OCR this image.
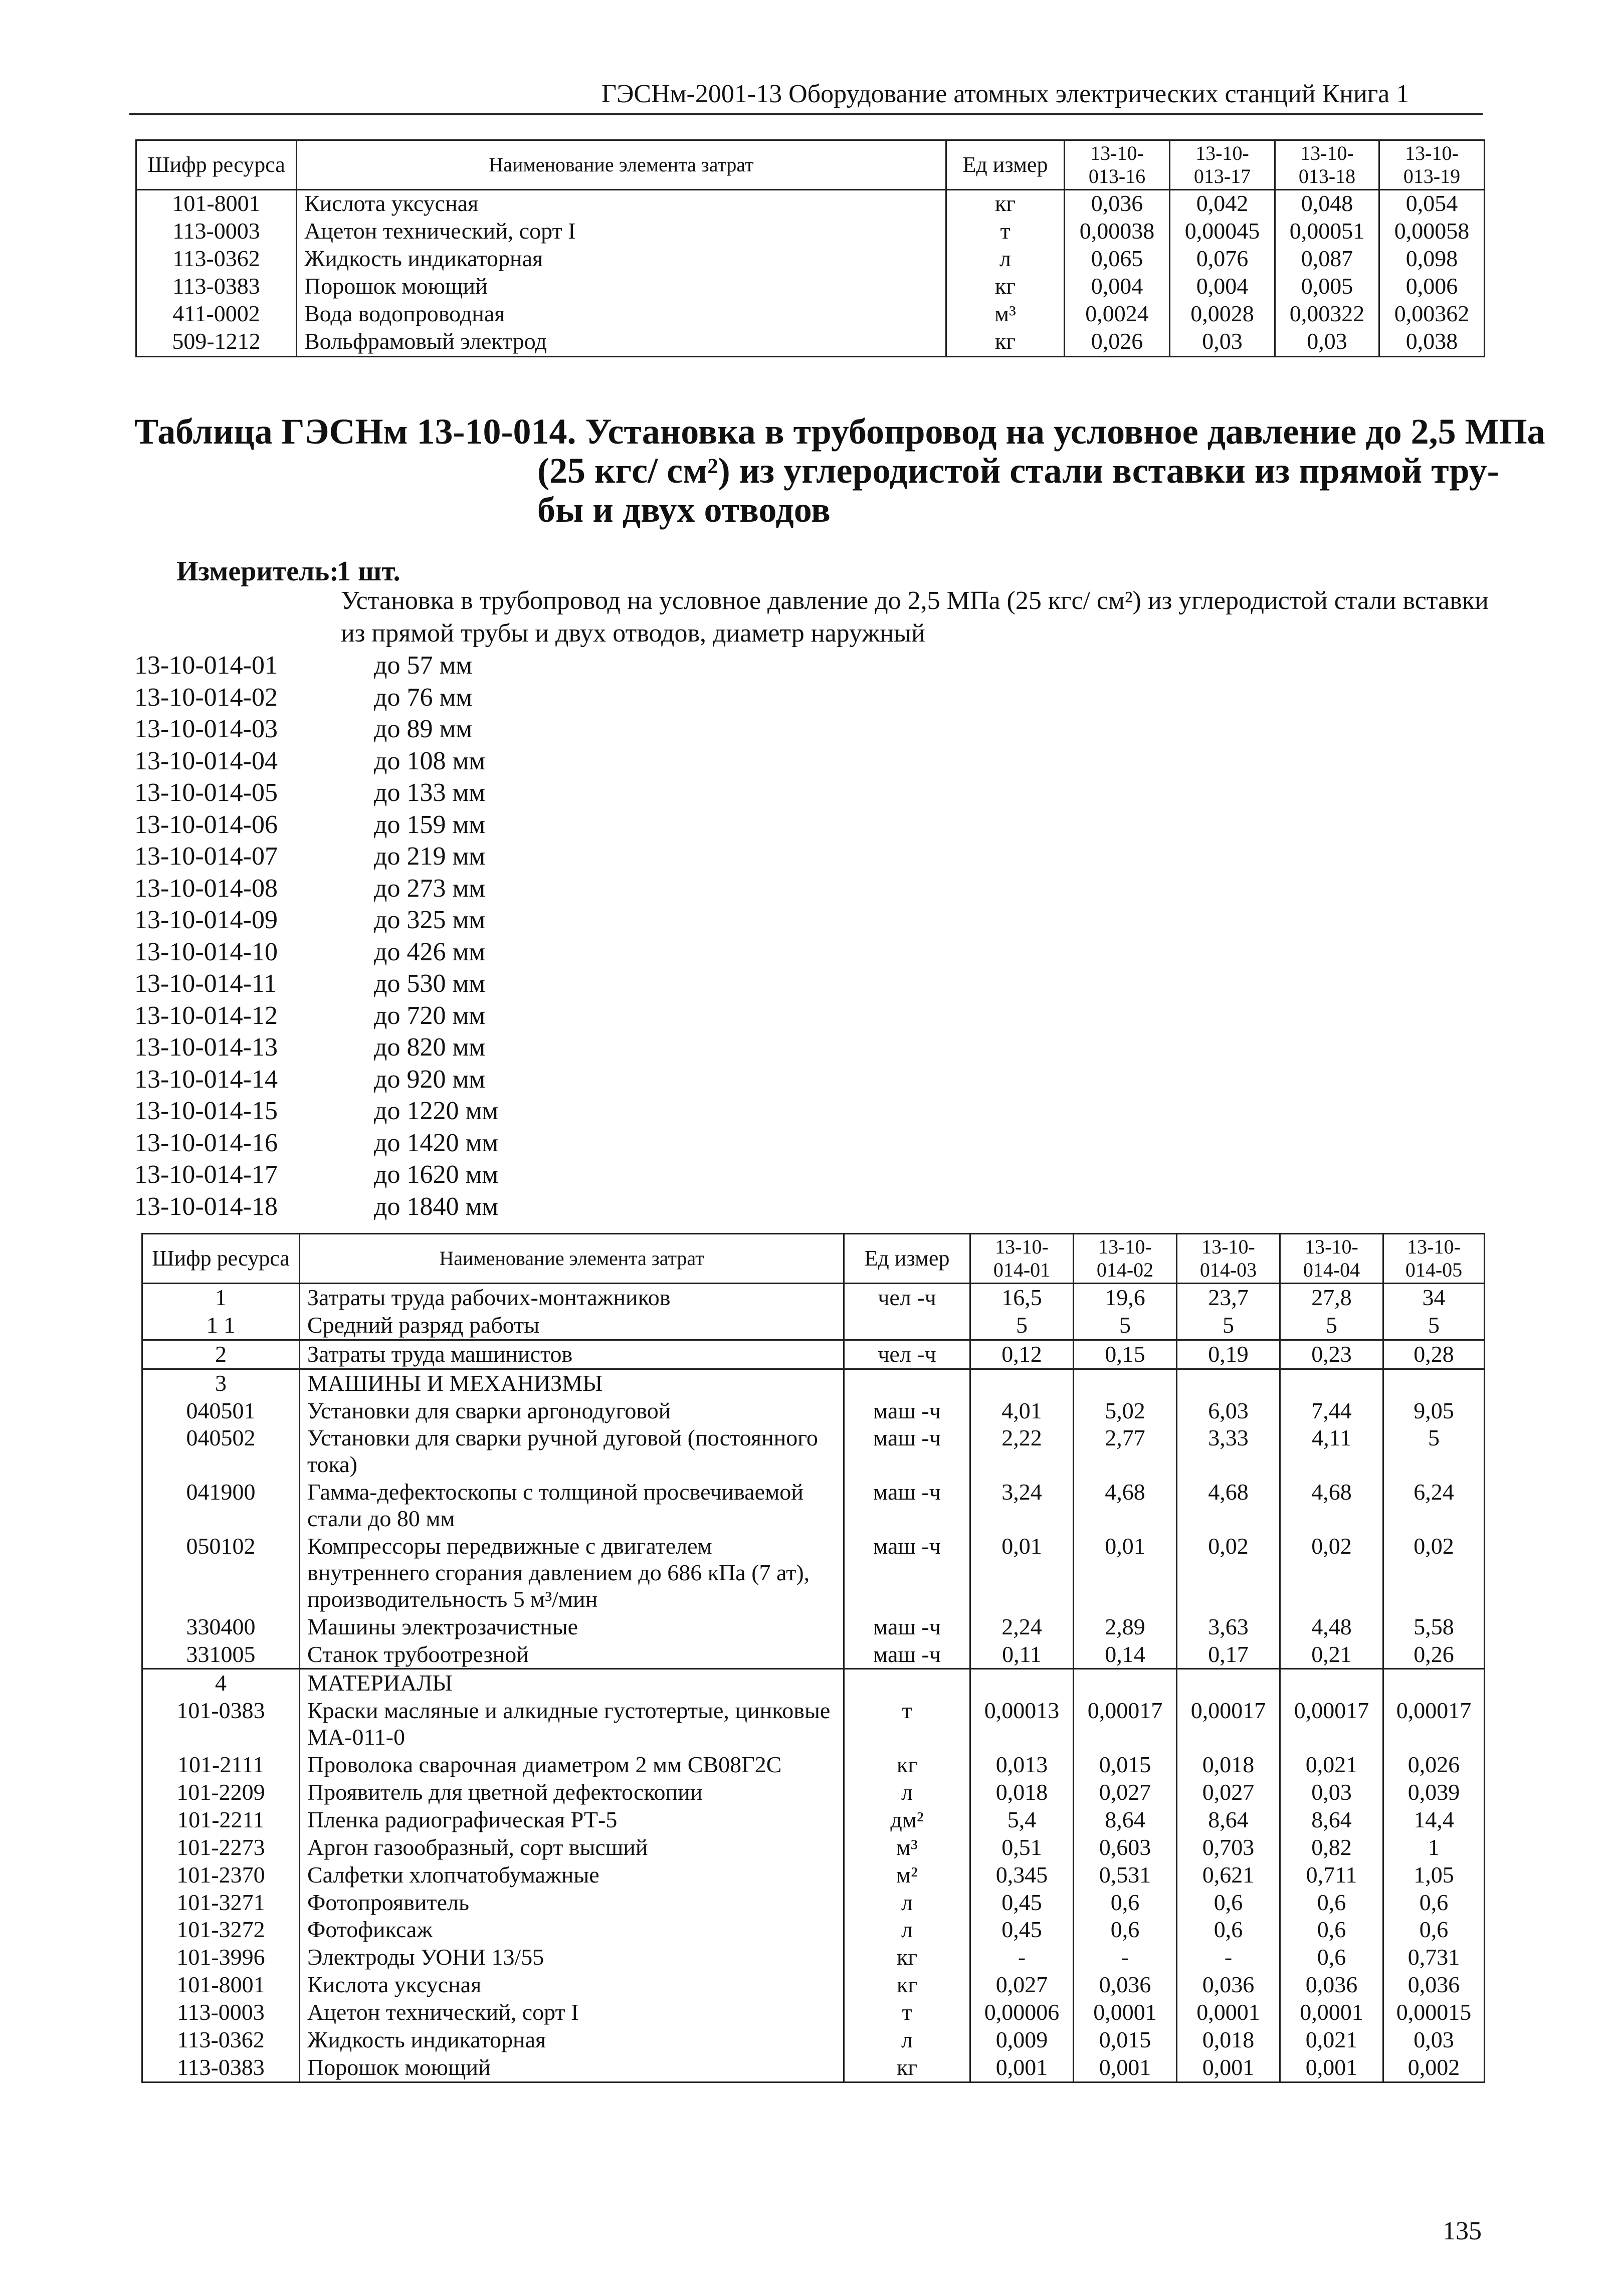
ГЭСНм-2001-13 Оборудование атомных электрических станций Книга 1
Шифр ресурса	Наименование элемента затрат	Ед измер	13-10-013-16	13-10-013-17	13-10-013-18	13-10-013-19
101-8001	Кислота уксусная	кг	0,036	0,042	0,048	0,054
113-0003	Ацетон технический, сорт I	т	0,00038	0,00045	0,00051	0,00058
113-0362	Жидкость индикаторная	л	0,065	0,076	0,087	0,098
113-0383	Порошок моющий	кг	0,004	0,004	0,005	0,006
411-0002	Вода водопроводная	м³	0,0024	0,0028	0,00322	0,00362
509-1212	Вольфрамовый электрод	кг	0,026	0,03	0,03	0,038
Таблица ГЭСНм 13-10-014. Установка в трубопровод на условное давление до 2,5 МПа
(25 кгс/ см²) из углеродистой стали вставки из прямой тру-
бы и двух отводов
Измеритель:
1 шт.
Установка в трубопровод на условное давление до 2,5 МПа (25 кгс/ см²) из углеродистой стали вставки из прямой трубы и двух отводов, диаметр наружный
13-10-014-01	до 57 мм
13-10-014-02	до 76 мм
13-10-014-03	до 89 мм
13-10-014-04	до 108 мм
13-10-014-05	до 133 мм
13-10-014-06	до 159 мм
13-10-014-07	до 219 мм
13-10-014-08	до 273 мм
13-10-014-09	до 325 мм
13-10-014-10	до 426 мм
13-10-014-11	до 530 мм
13-10-014-12	до 720 мм
13-10-014-13	до 820 мм
13-10-014-14	до 920 мм
13-10-014-15	до 1220 мм
13-10-014-16	до 1420 мм
13-10-014-17	до 1620 мм
13-10-014-18	до 1840 мм
Шифр ресурса	Наименование элемента затрат	Ед измер	13-10-014-01	13-10-014-02	13-10-014-03	13-10-014-04	13-10-014-05
1	Затраты труда рабочих-монтажников	чел -ч	16,5	19,6	23,7	27,8	34
1 1	Средний разряд работы		5	5	5	5	5
2	Затраты труда машинистов	чел -ч	0,12	0,15	0,19	0,23	0,28
3	МАШИНЫ И МЕХАНИЗМЫ						
040501	Установки для сварки аргонодуговой	маш -ч	4,01	5,02	6,03	7,44	9,05
040502	Установки для сварки ручной дуговой (постоянного тока)	маш -ч	2,22	2,77	3,33	4,11	5
041900	Гамма-дефектоскопы с толщиной просвечиваемой стали до 80 мм	маш -ч	3,24	4,68	4,68	4,68	6,24
050102	Компрессоры передвижные с двигателем внутреннего сгорания давлением до 686 кПа (7 ат), производительность 5 м³/мин	маш -ч	0,01	0,01	0,02	0,02	0,02
330400	Машины электрозачистные	маш -ч	2,24	2,89	3,63	4,48	5,58
331005	Станок трубоотрезной	маш -ч	0,11	0,14	0,17	0,21	0,26
4	МАТЕРИАЛЫ						
101-0383	Краски масляные и алкидные густотертые, цинковые МА-011-0	т	0,00013	0,00017	0,00017	0,00017	0,00017
101-2111	Проволока сварочная диаметром 2 мм СВ08Г2С	кг	0,013	0,015	0,018	0,021	0,026
101-2209	Проявитель для цветной дефектоскопии	л	0,018	0,027	0,027	0,03	0,039
101-2211	Пленка радиографическая РТ-5	дм²	5,4	8,64	8,64	8,64	14,4
101-2273	Аргон газообразный, сорт высший	м³	0,51	0,603	0,703	0,82	1
101-2370	Салфетки хлопчатобумажные	м²	0,345	0,531	0,621	0,711	1,05
101-3271	Фотопроявитель	л	0,45	0,6	0,6	0,6	0,6
101-3272	Фотофиксаж	л	0,45	0,6	0,6	0,6	0,6
101-3996	Электроды УОНИ 13/55	кг	-	-	-	0,6	0,731
101-8001	Кислота уксусная	кг	0,027	0,036	0,036	0,036	0,036
113-0003	Ацетон технический, сорт I	т	0,00006	0,0001	0,0001	0,0001	0,00015
113-0362	Жидкость индикаторная	л	0,009	0,015	0,018	0,021	0,03
113-0383	Порошок моющий	кг	0,001	0,001	0,001	0,001	0,002
135
